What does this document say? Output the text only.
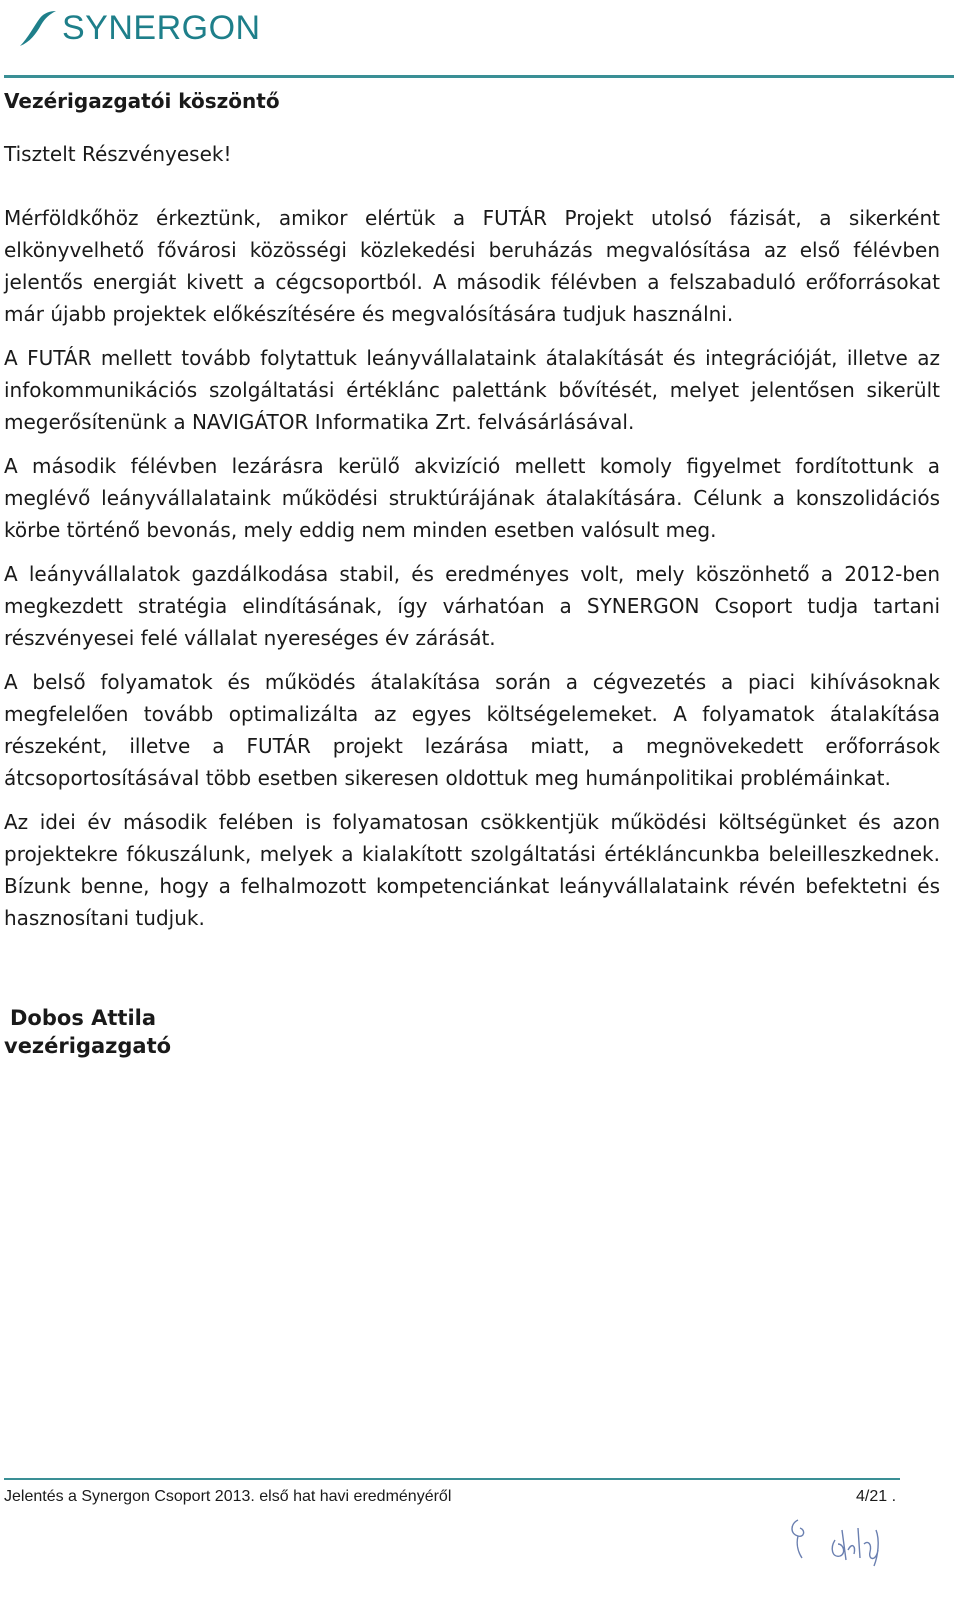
SYNERGON
Vezérigazgatói köszöntő

Tisztelt Részvényesek!

Mérföldkőhöz érkeztünk, amikor elértük a FUTÁR Projekt utolsó fázisát, a sikerként elkönyvelhető fővárosi közösségi közlekedési beruházás megvalósítása az első félévben jelentős energiát kivett a cégcsoportból. A második félévben a felszabaduló erőforrásokat már újabb projektek előkészítésére és megvalósítására tudjuk használni.

A FUTÁR mellett tovább folytattuk leányvállalataink átalakítását és integrációját, illetve az infokommunikációs szolgáltatási értéklánc palettánk bővítését, melyet jelentősen sikerült megerősítenünk a NAVIGÁTOR Informatika Zrt. felvásárlásával.

A második félévben lezárásra kerülő akvizíció mellett komoly figyelmet fordítottunk a meglévő leányvállalataink működési struktúrájának átalakítására. Célunk a konszolidációs körbe történő bevonás, mely eddig nem minden esetben valósult meg.

A leányvállalatok gazdálkodása stabil, és eredményes volt, mely köszönhető a 2012-ben megkezdett stratégia elindításának, így várhatóan a SYNERGON Csoport tudja tartani részvényesei felé vállalat nyereséges év zárását.

A belső folyamatok és működés átalakítása során a cégvezetés a piaci kihívásoknak megfelelően tovább optimalizálta az egyes költségelemeket. A folyamatok átalakítása részeként, illetve a FUTÁR projekt lezárása miatt, a megnövekedett erőforrások átcsoportosításával több esetben sikeresen oldottuk meg humánpolitikai problémáinkat.

Az idei év második felében is folyamatosan csökkentjük működési költségünket és azon projektekre fókuszálunk, melyek a kialakított szolgáltatási értékláncunkba beleilleszkednek. Bízunk benne, hogy a felhalmozott kompetenciánkat leányvállalataink révén befektetni és hasznosítani tudjuk.

Dobos Attila
vezérigazgató
Jelentés a Synergon Csoport 2013. első hat havi eredményéről	4/21 .
